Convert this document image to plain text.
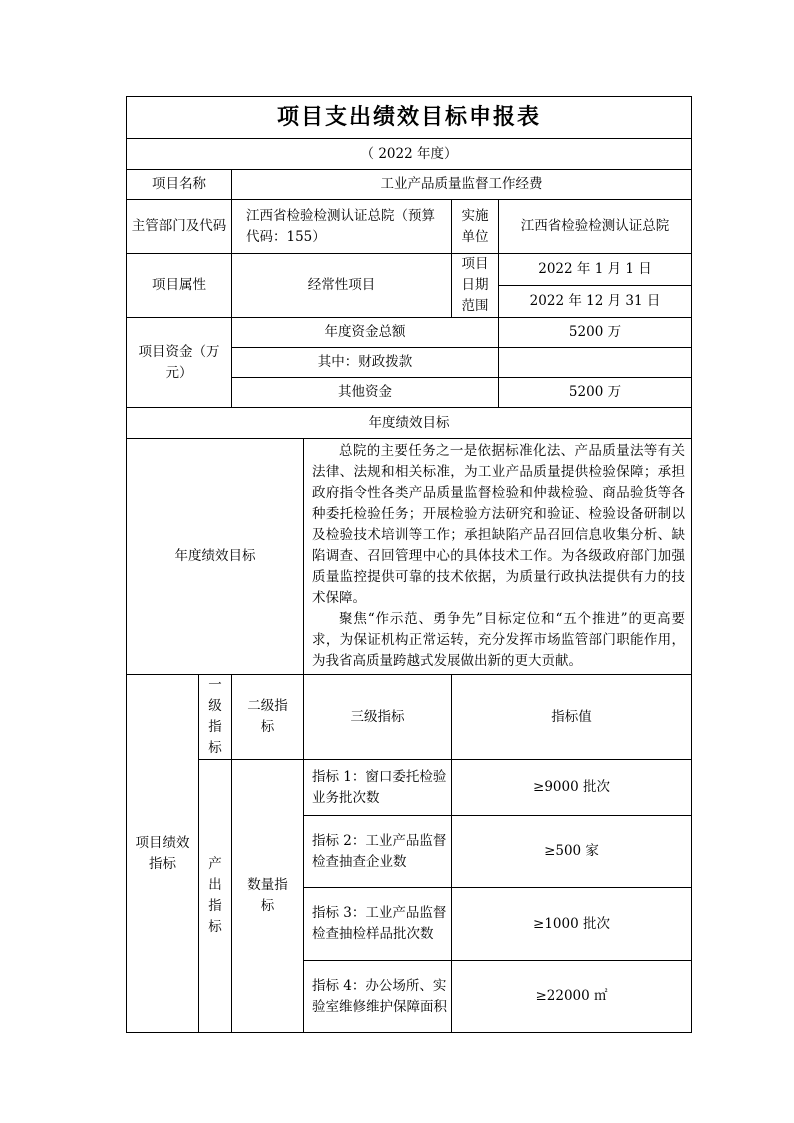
项目支出绩效目标申报表					
（ 2022 年度）					
项目名称		工业产品质量监督工作经费			
主管部门及代码		江西省检验检测认证总院（预算代码：155）		实施单位	江西省检验检测认证总院
项目属性		经常性项目		项目日期范围	2022 年 1 月 1 日
					2022 年 12 月 31 日
项目资金（万元）		年度资金总额			5200 万
		其中：财政拨款			
		其他资金			5200 万
年度绩效目标					
年度绩效目标			总院的主要任务之一是依据标准化法、产品质量法等有关法律、法规和相关标准，为工业产品质量提供检验保障；承担政府指令性各类产品质量监督检验和仲裁检验、商品验货等各种委托检验任务；开展检验方法研究和验证、检验设备研制以及检验技术培训等工作；承担缺陷产品召回信息收集分析、缺陷调查、召回管理中心的具体技术工作。为各级政府部门加强质量监控提供可靠的技术依据，为质量行政执法提供有力的技术保障。

聚焦“作示范、勇争先”目标定位和“五个推进”的更高要求，为保证机构正常运转，充分发挥市场监管部门职能作用，为我省高质量跨越式发展做出新的更大贡献。		

项目绩效指标	一级指标	二级指标	三级指标	指标值	

	产出指标	数量指标	指标 1：窗口委托检验业务批次数	≥9000 批次	
			指标 2：工业产品监督检查抽查企业数	≥500 家	
			指标 3：工业产品监督检查抽检样品批次数	≥1000 批次	
			指标 4：办公场所、实验室维修维护保障面积	≥22000 ㎡	
